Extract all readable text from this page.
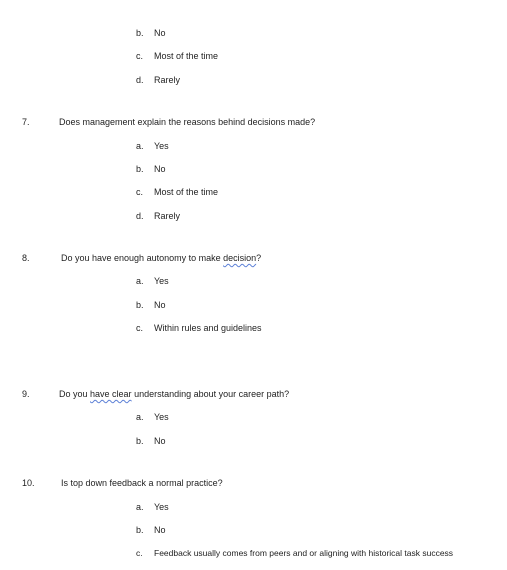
b. No
c. Most of the time
d. Rarely
7.	Does management explain the reasons behind decisions made?
a. Yes
b. No
c. Most of the time
d. Rarely
8.	Do you have enough autonomy to make decision?
a. Yes
b. No
c. Within rules and guidelines
9.	Do you have clear understanding about your career path?
a. Yes
b. No
10.	Is top down feedback a normal practice?
a. Yes
b. No
c. Feedback usually comes from peers and or aligning with historical task success
